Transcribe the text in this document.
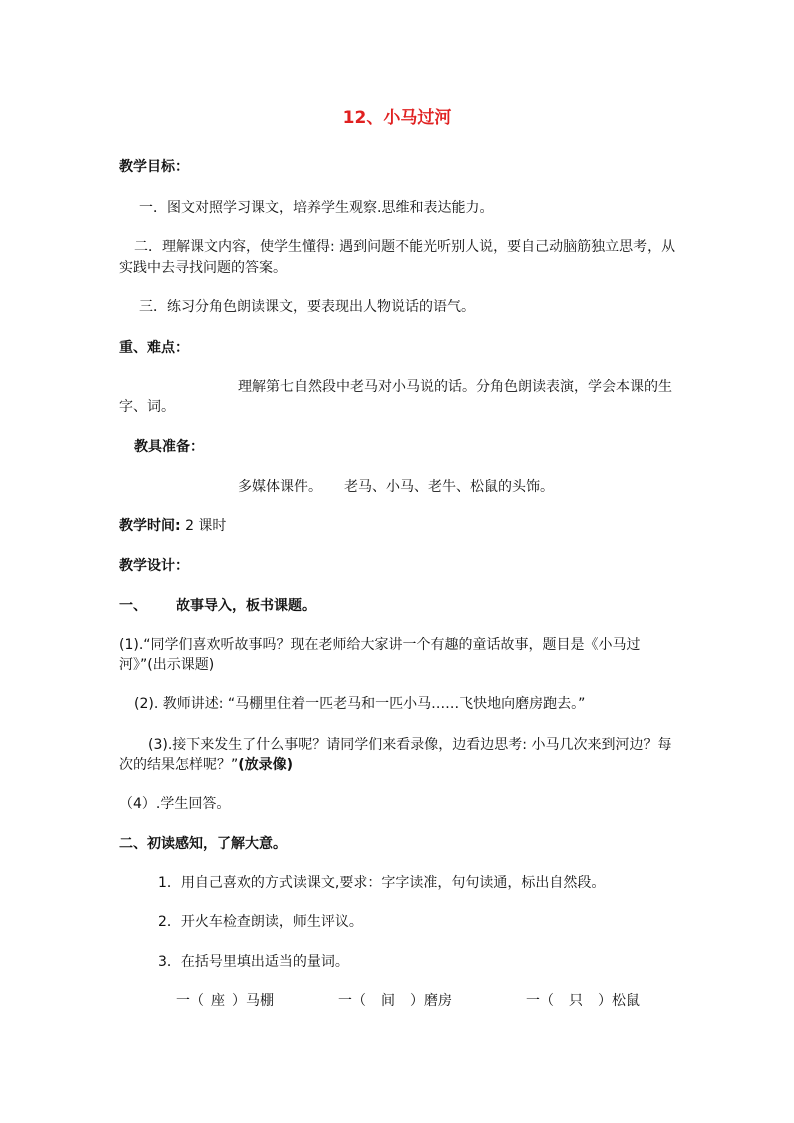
12、小马过河
教学目标：
一．图文对照学习课文，培养学生观察.思维和表达能力。
二．理解课文内容，使学生懂得: 遇到问题不能光听别人说，要自己动脑筋独立思考，从
实践中去寻找问题的答案。
三．练习分角色朗读课文，要表现出人物说话的语气。
重、难点：
理解第七自然段中老马对小马说的话。分角色朗读表演，学会本课的生
字、词。
教具准备：
多媒体课件。 老马、小马、老牛、松鼠的头饰。
教学时间: 2 课时
教学设计：
一、 故事导入，板书课题。
(1).“同学们喜欢听故事吗？现在老师给大家讲一个有趣的童话故事，题目是《小马过
河》”(出示课题)
(2). 教师讲述: “马棚里住着一匹老马和一匹小马……飞快地向磨房跑去。”
(3).接下来发生了什么事呢？请同学们来看录像，边看边思考: 小马几次来到河边？每
次的结果怎样呢？”(放录像)
（4）.学生回答。
二、初读感知，了解大意。
1．用自己喜欢的方式读课文,要求：字字读准，句句读通，标出自然段。
2．开火车检查朗读，师生评议。
3．在括号里填出适当的量词。
一（ 座 ）马棚	一（ 间 ）磨房	一（ 只 ）松鼠
